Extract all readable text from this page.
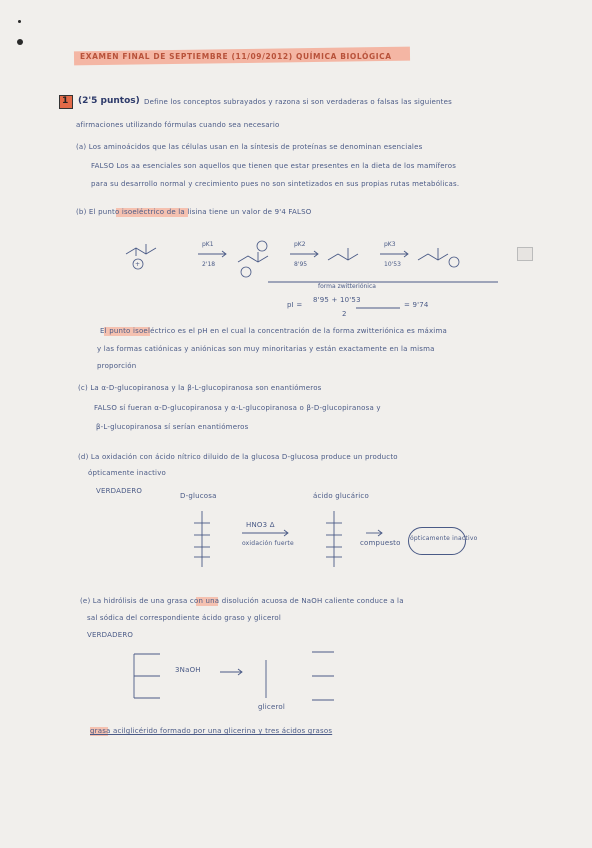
EXAMEN FINAL DE SEPTIEMBRE (11/09/2012) QUÍMICA BIOLÓGICA
1 (2'5 puntos) Define los conceptos subrayados y razona si son verdaderas o falsas las siguientes
afirmaciones utilizando fórmulas cuando sea necesario
(a) Los aminoácidos que las células usan en la síntesis de proteínas se denominan esenciales
FALSO Los aa esenciales son aquellos que tienen que estar presentes en la dieta de los mamíferos
para su desarrollo normal y crecimiento pues no son sintetizados en sus propias rutas metabólicas.
(b) El punto isoeléctrico de la lisina tiene un valor de 9'4 FALSO
+
pK1
2'18
pK2
8'95
pK3
10'53
forma zwitteriónica
pI =
8'95 + 10'53
2
= 9'74
El punto isoeléctrico es el pH en el cual la concentración de la forma zwitteriónica es máxima
y las formas catiónicas y aniónicas son muy minoritarias y están exactamente en la misma
proporción
(c) La α-D-glucopiranosa y la β-L-glucopiranosa son enantiómeros
FALSO sí fueran α-D-glucopiranosa y α-L-glucopiranosa o β-D-glucopiranosa y
β-L-glucopiranosa sí serían enantiómeros
(d) La oxidación con ácido nítrico diluido de la glucosa D-glucosa produce un producto
ópticamente inactivo
VERDADERO
D-glucosa	ácido glucárico
HNO3 Δ
oxidación fuerte	compuesto
ópticamente inactivo
(e) La hidrólisis de una grasa con una disolución acuosa de NaOH caliente conduce a la
sal sódica del correspondiente ácido graso y glicerol
VERDADERO
3NaOH
glicerol
grasa acilglicérido formado por una glicerina y tres ácidos grasos
